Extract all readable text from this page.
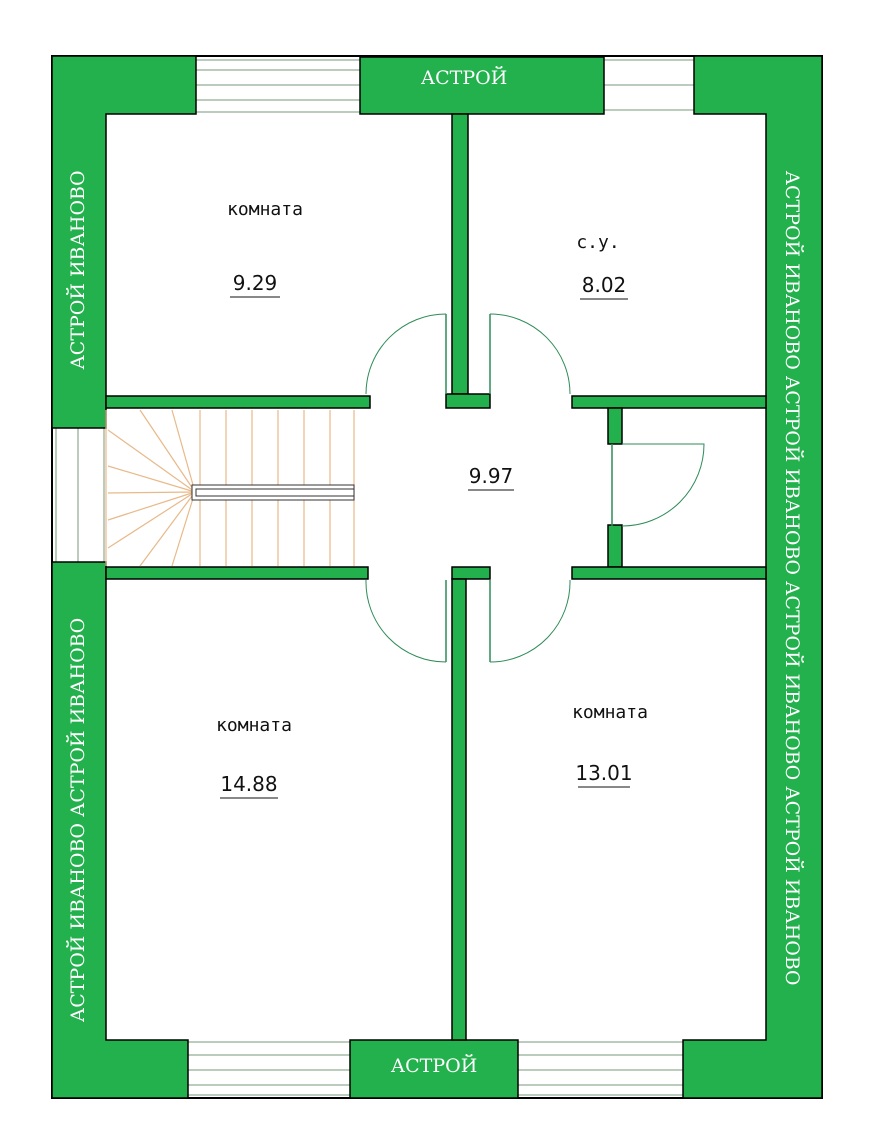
комната
9.29
с.у.
8.02
9.97
комната
14.88
комната
13.01
АСТРОЙ
АСТРОЙ
АСТРОЙ ИВАНОВО
АСТРОЙ ИВАНОВО АСТРОЙ ИВАНОВО	АСТРОЙ ИВАНОВО АСТРОЙ ИВАНОВО АСТРОЙ ИВАНОВО АСТРОЙ ИВАНОВО
